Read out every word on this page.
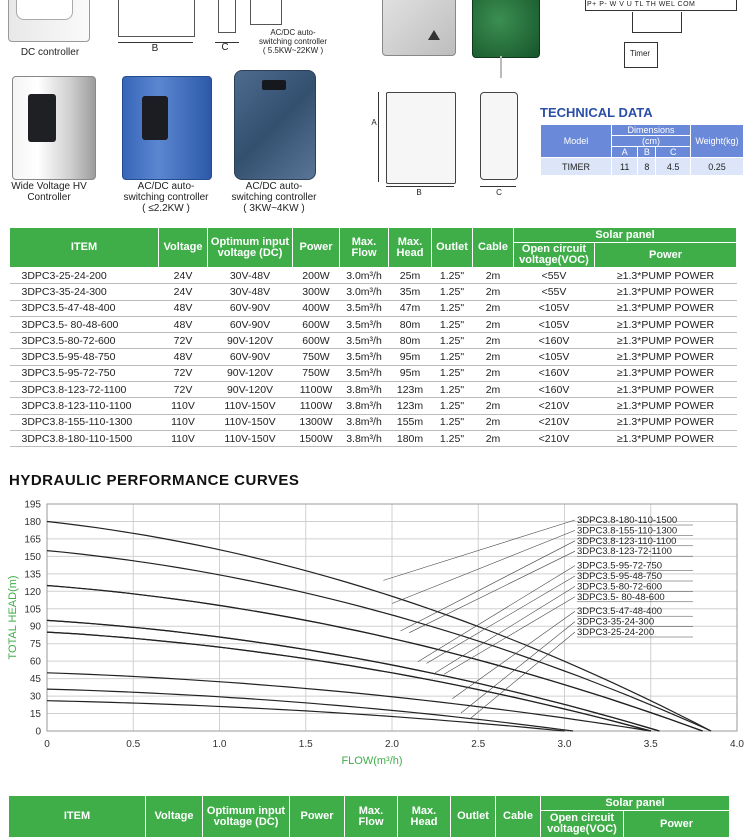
DC controller	B	C
AC/DC auto-
switching controller
( 5.5KW~22KW )
P+ P- W V U TL TH WEL COM
Timer
Wide Voltage HV
Controller
AC/DC auto-
switching controller
( ≤2.2KW )
AC/DC auto-
switching controller
( 3KW~4KW )
A
B	C
TECHNICAL DATA
Model	Dimensions			Weight(kg)
	(cm)			
	A	B	C	
TIMER	11	8	4.5	0.25
ITEM	Voltage	Optimum input voltage (DC)	Power	Max. Flow	Max. Head	Outlet	Cable	Solar panel	
								Open circuit voltage(VOC)	Power
3DPC3-25-24-200	24V	30V-48V	200W	3.0m³/h	25m	1.25"	2m	<55V	≥1.3*PUMP POWER
3DPC3-35-24-300	24V	30V-48V	300W	3.0m³/h	35m	1.25"	2m	<55V	≥1.3*PUMP POWER
3DPC3.5-47-48-400	48V	60V-90V	400W	3.5m³/h	47m	1.25"	2m	<105V	≥1.3*PUMP POWER
3DPC3.5- 80-48-600	48V	60V-90V	600W	3.5m³/h	80m	1.25"	2m	<105V	≥1.3*PUMP POWER
3DPC3.5-80-72-600	72V	90V-120V	600W	3.5m³/h	80m	1.25"	2m	<160V	≥1.3*PUMP POWER
3DPC3.5-95-48-750	48V	60V-90V	750W	3.5m³/h	95m	1.25"	2m	<105V	≥1.3*PUMP POWER
3DPC3.5-95-72-750	72V	90V-120V	750W	3.5m³/h	95m	1.25"	2m	<160V	≥1.3*PUMP POWER
3DPC3.8-123-72-1100	72V	90V-120V	1100W	3.8m³/h	123m	1.25"	2m	<160V	≥1.3*PUMP POWER
3DPC3.8-123-110-1100	110V	110V-150V	1100W	3.8m³/h	123m	1.25"	2m	<210V	≥1.3*PUMP POWER
3DPC3.8-155-110-1300	110V	110V-150V	1300W	3.8m³/h	155m	1.25"	2m	<210V	≥1.3*PUMP POWER
3DPC3.8-180-110-1500	110V	110V-150V	1500W	3.8m³/h	180m	1.25"	2m	<210V	≥1.3*PUMP POWER
HYDRAULIC PERFORMANCE CURVES
0
15
30
45
60
75
90
105
120
135
150
165
180
195
0	0.5	1.0	1.5	2.0	2.5	3.0	3.5	4.0
FLOW(m³/h)
TOTAL HEAD(m)
3DPC3.8-180-110-1500
3DPC3.8-155-110-1300
3DPC3.8-123-110-1100
3DPC3.8-123-72-1100
3DPC3.5-95-72-750
3DPC3.5-95-48-750
3DPC3.5-80-72-600
3DPC3.5- 80-48-600
3DPC3.5-47-48-400
3DPC3-35-24-300
3DPC3-25-24-200
ITEM	Voltage	Optimum input voltage (DC)	Power	Max. Flow	Max. Head	Outlet	Cable	Solar panel	
								Open circuit voltage(VOC)	Power
